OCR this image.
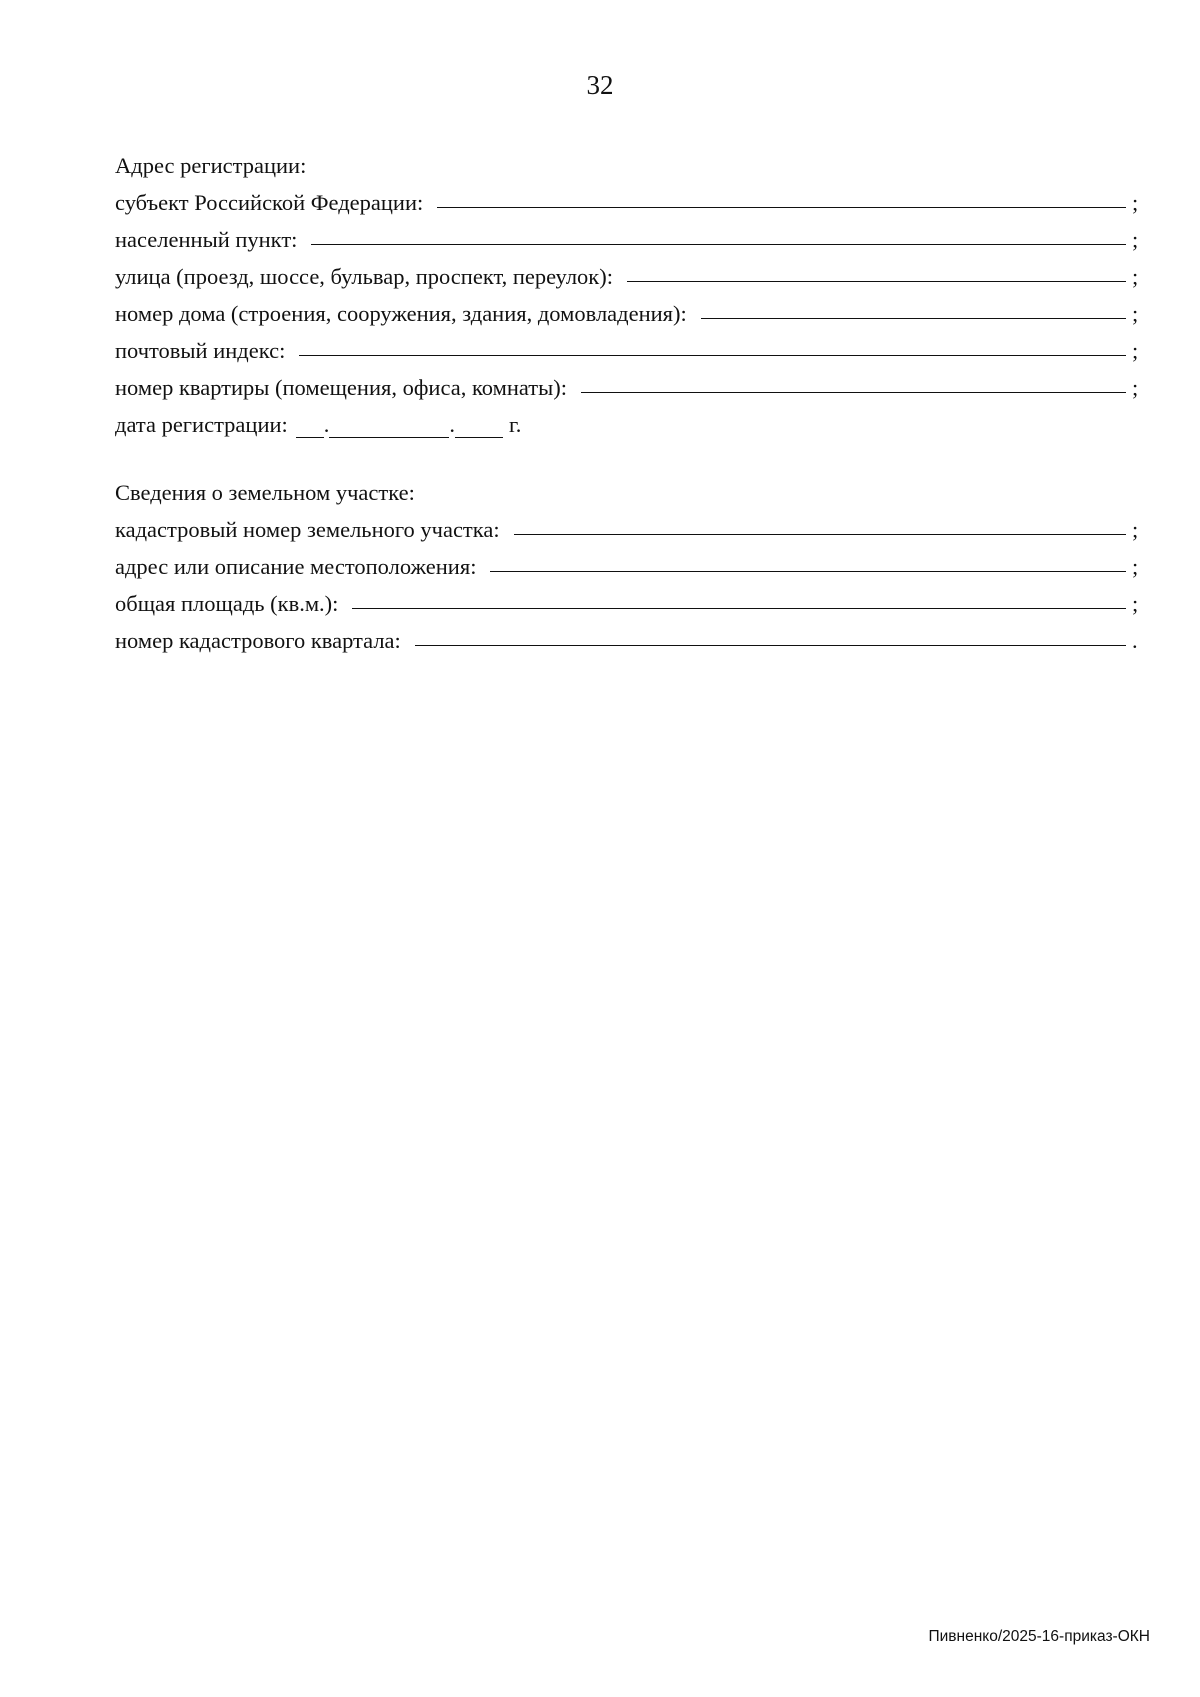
32
Адрес регистрации:
субъект Российской Федерации:	;
населенный пункт:	;
улица (проезд, шоссе, бульвар, проспект, переулок):	;
номер дома (строения, сооружения, здания, домовладения):	;
почтовый индекс:	;
номер квартиры (помещения, офиса, комнаты):	;
дата регистрации: .	. г.
Сведения о земельном участке:
кадастровый номер земельного участка:	;
адрес или описание местоположения:	;
общая площадь (кв.м.):	;
номер кадастрового квартала:	.
Пивненко/2025-16-приказ-ОКН
